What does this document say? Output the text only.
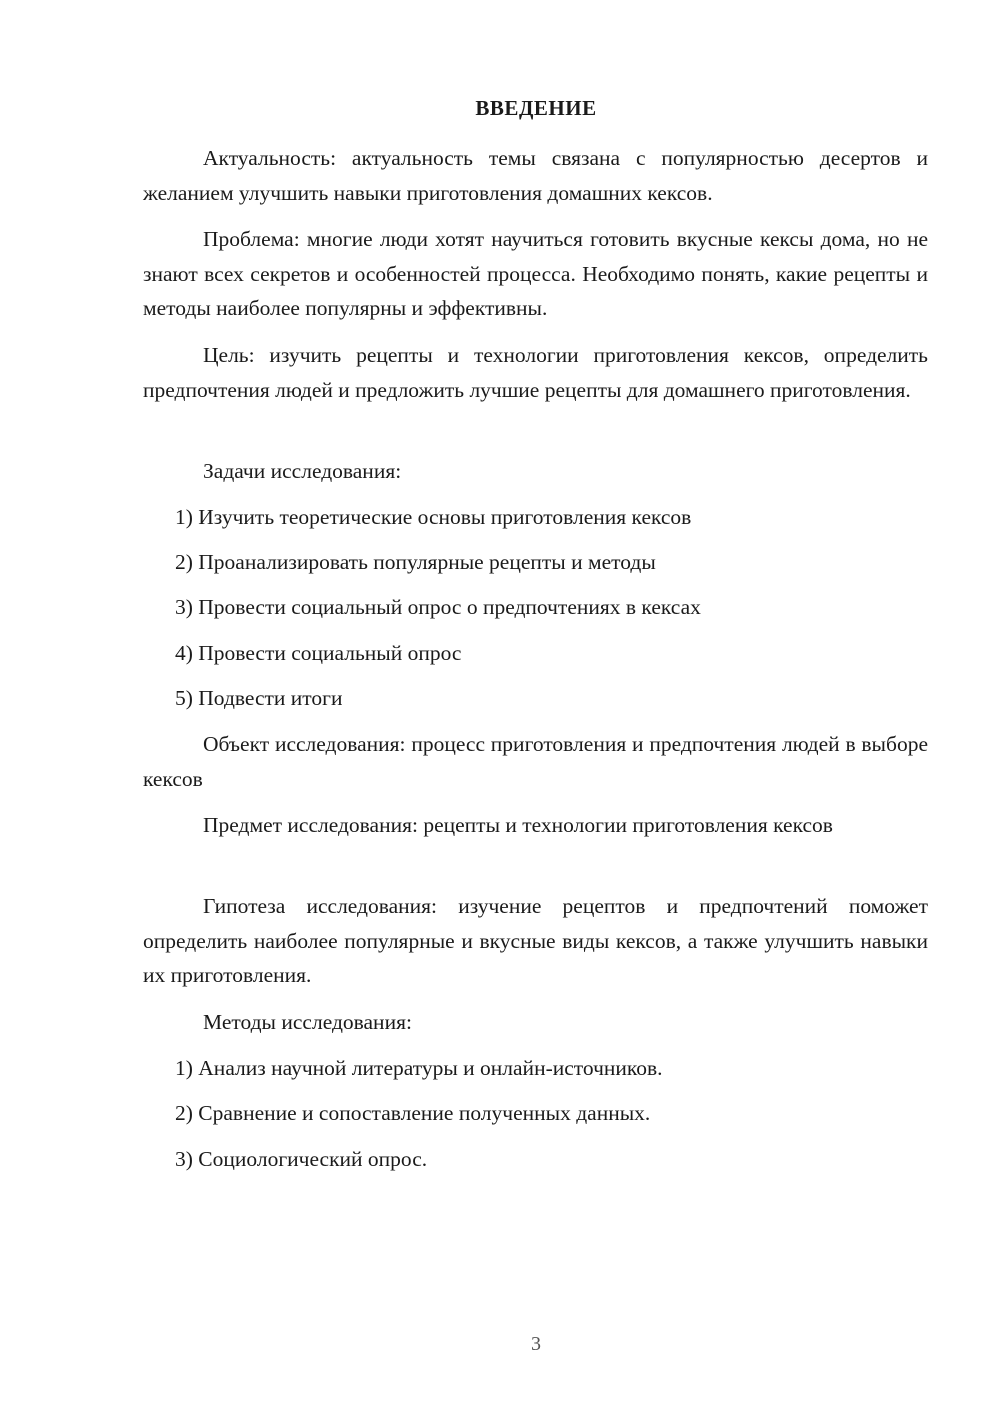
ВВЕДЕНИЕ

Актуальность: актуальность темы связана с популярностью десертов и желанием улучшить навыки приготовления домашних кексов.

Проблема: многие люди хотят научиться готовить вкусные кексы дома, но не знают всех секретов и особенностей процесса. Необходимо понять, какие рецепты и методы наиболее популярны и эффективны.

Цель: изучить рецепты и технологии приготовления кексов, определить предпочтения людей и предложить лучшие рецепты для домашнего приготовления.

Задачи исследования:

1) Изучить теоретические основы приготовления кексов
2) Проанализировать популярные рецепты и методы
3) Провести социальный опрос о предпочтениях в кексах
4) Провести социальный опрос
5) Подвести итоги

Объект исследования: процесс приготовления и предпочтения людей в выборе кексов

Предмет исследования: рецепты и технологии приготовления кексов

Гипотеза исследования: изучение рецептов и предпочтений поможет определить наиболее популярные и вкусные виды кексов, а также улучшить навыки их приготовления.

Методы исследования:

1) Анализ научной литературы и онлайн-источников.
2) Сравнение и сопоставление полученных данных.
3) Социологический опрос.
3
